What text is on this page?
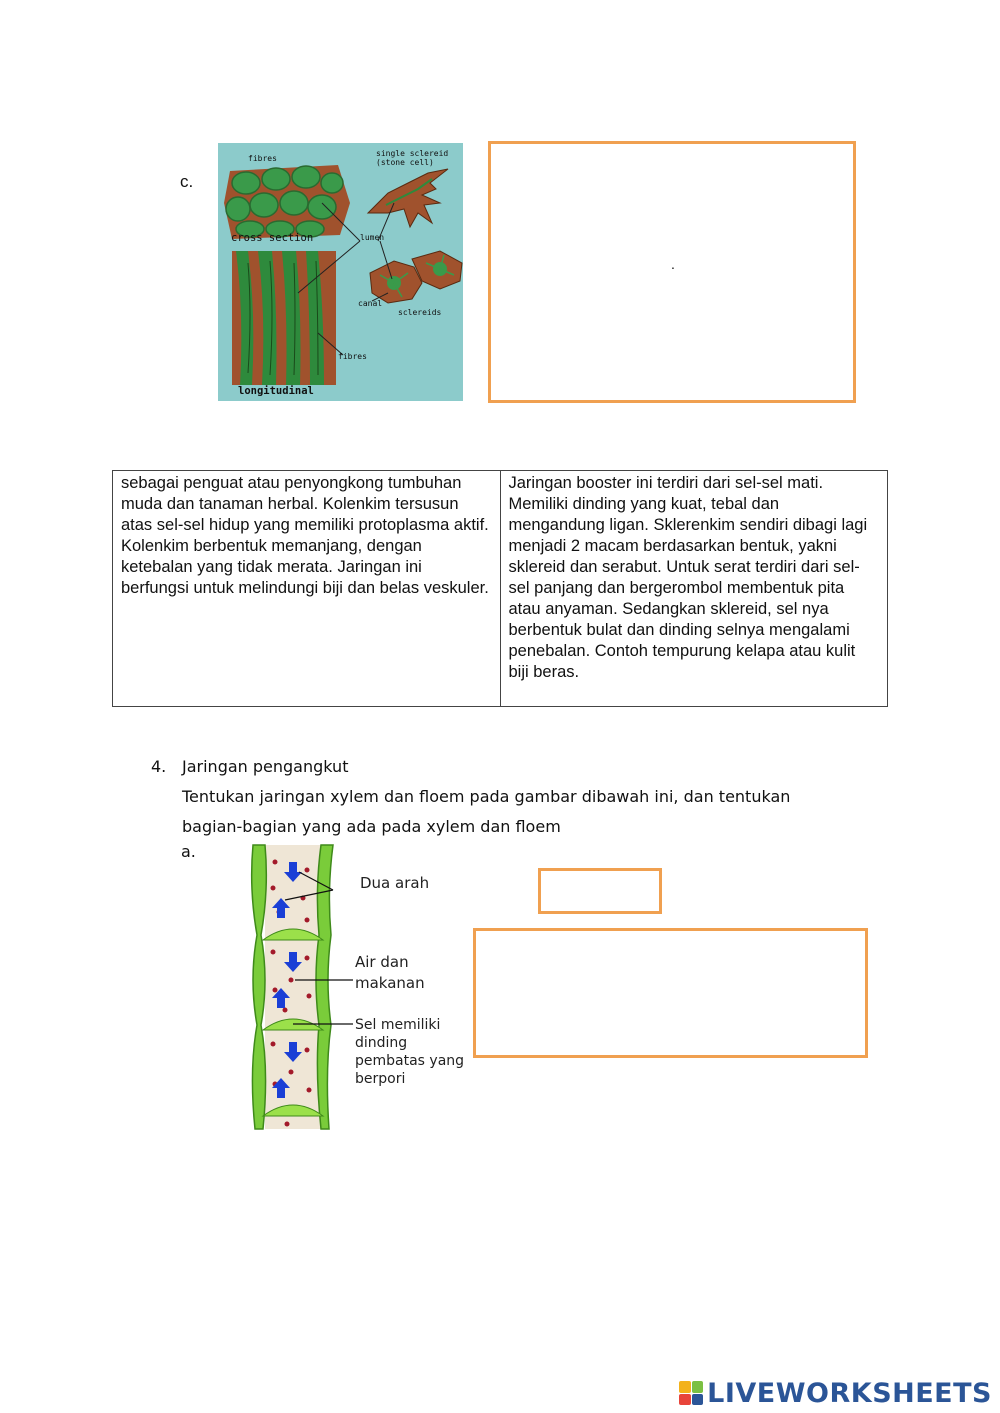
c.
fibres
single sclereid
(stone cell)
lumen
canal
sclereids
fibres
cross section
longitudinal
.
sebagai penguat atau penyongkong tumbuhan muda dan tanaman herbal. Kolenkim tersusun atas sel-sel hidup yang memiliki protoplasma aktif. Kolenkim berbentuk memanjang, dengan ketebalan yang tidak merata. Jaringan ini berfungsi untuk melindungi biji dan belas veskuler.	Jaringan booster ini terdiri dari sel-sel mati. Memiliki dinding yang kuat, tebal dan mengandung ligan. Sklerenkim sendiri dibagi lagi menjadi 2 macam berdasarkan bentuk, yakni sklereid dan serabut. Untuk serat terdiri dari sel-sel panjang dan bergerombol membentuk pita atau anyaman. Sedangkan sklereid, sel nya berbentuk bulat dan dinding selnya mengalami penebalan. Contoh tempurung kelapa atau kulit biji beras.
4. Jaringan pengangkut
Tentukan jaringan xylem dan floem pada gambar dibawah ini, dan tentukan
bagian-bagian yang ada pada xylem dan floem
a.
Dua arah
Air dan
makanan
Sel memiliki
dinding
pembatas yang
berpori
LIVEWORKSHEETS
